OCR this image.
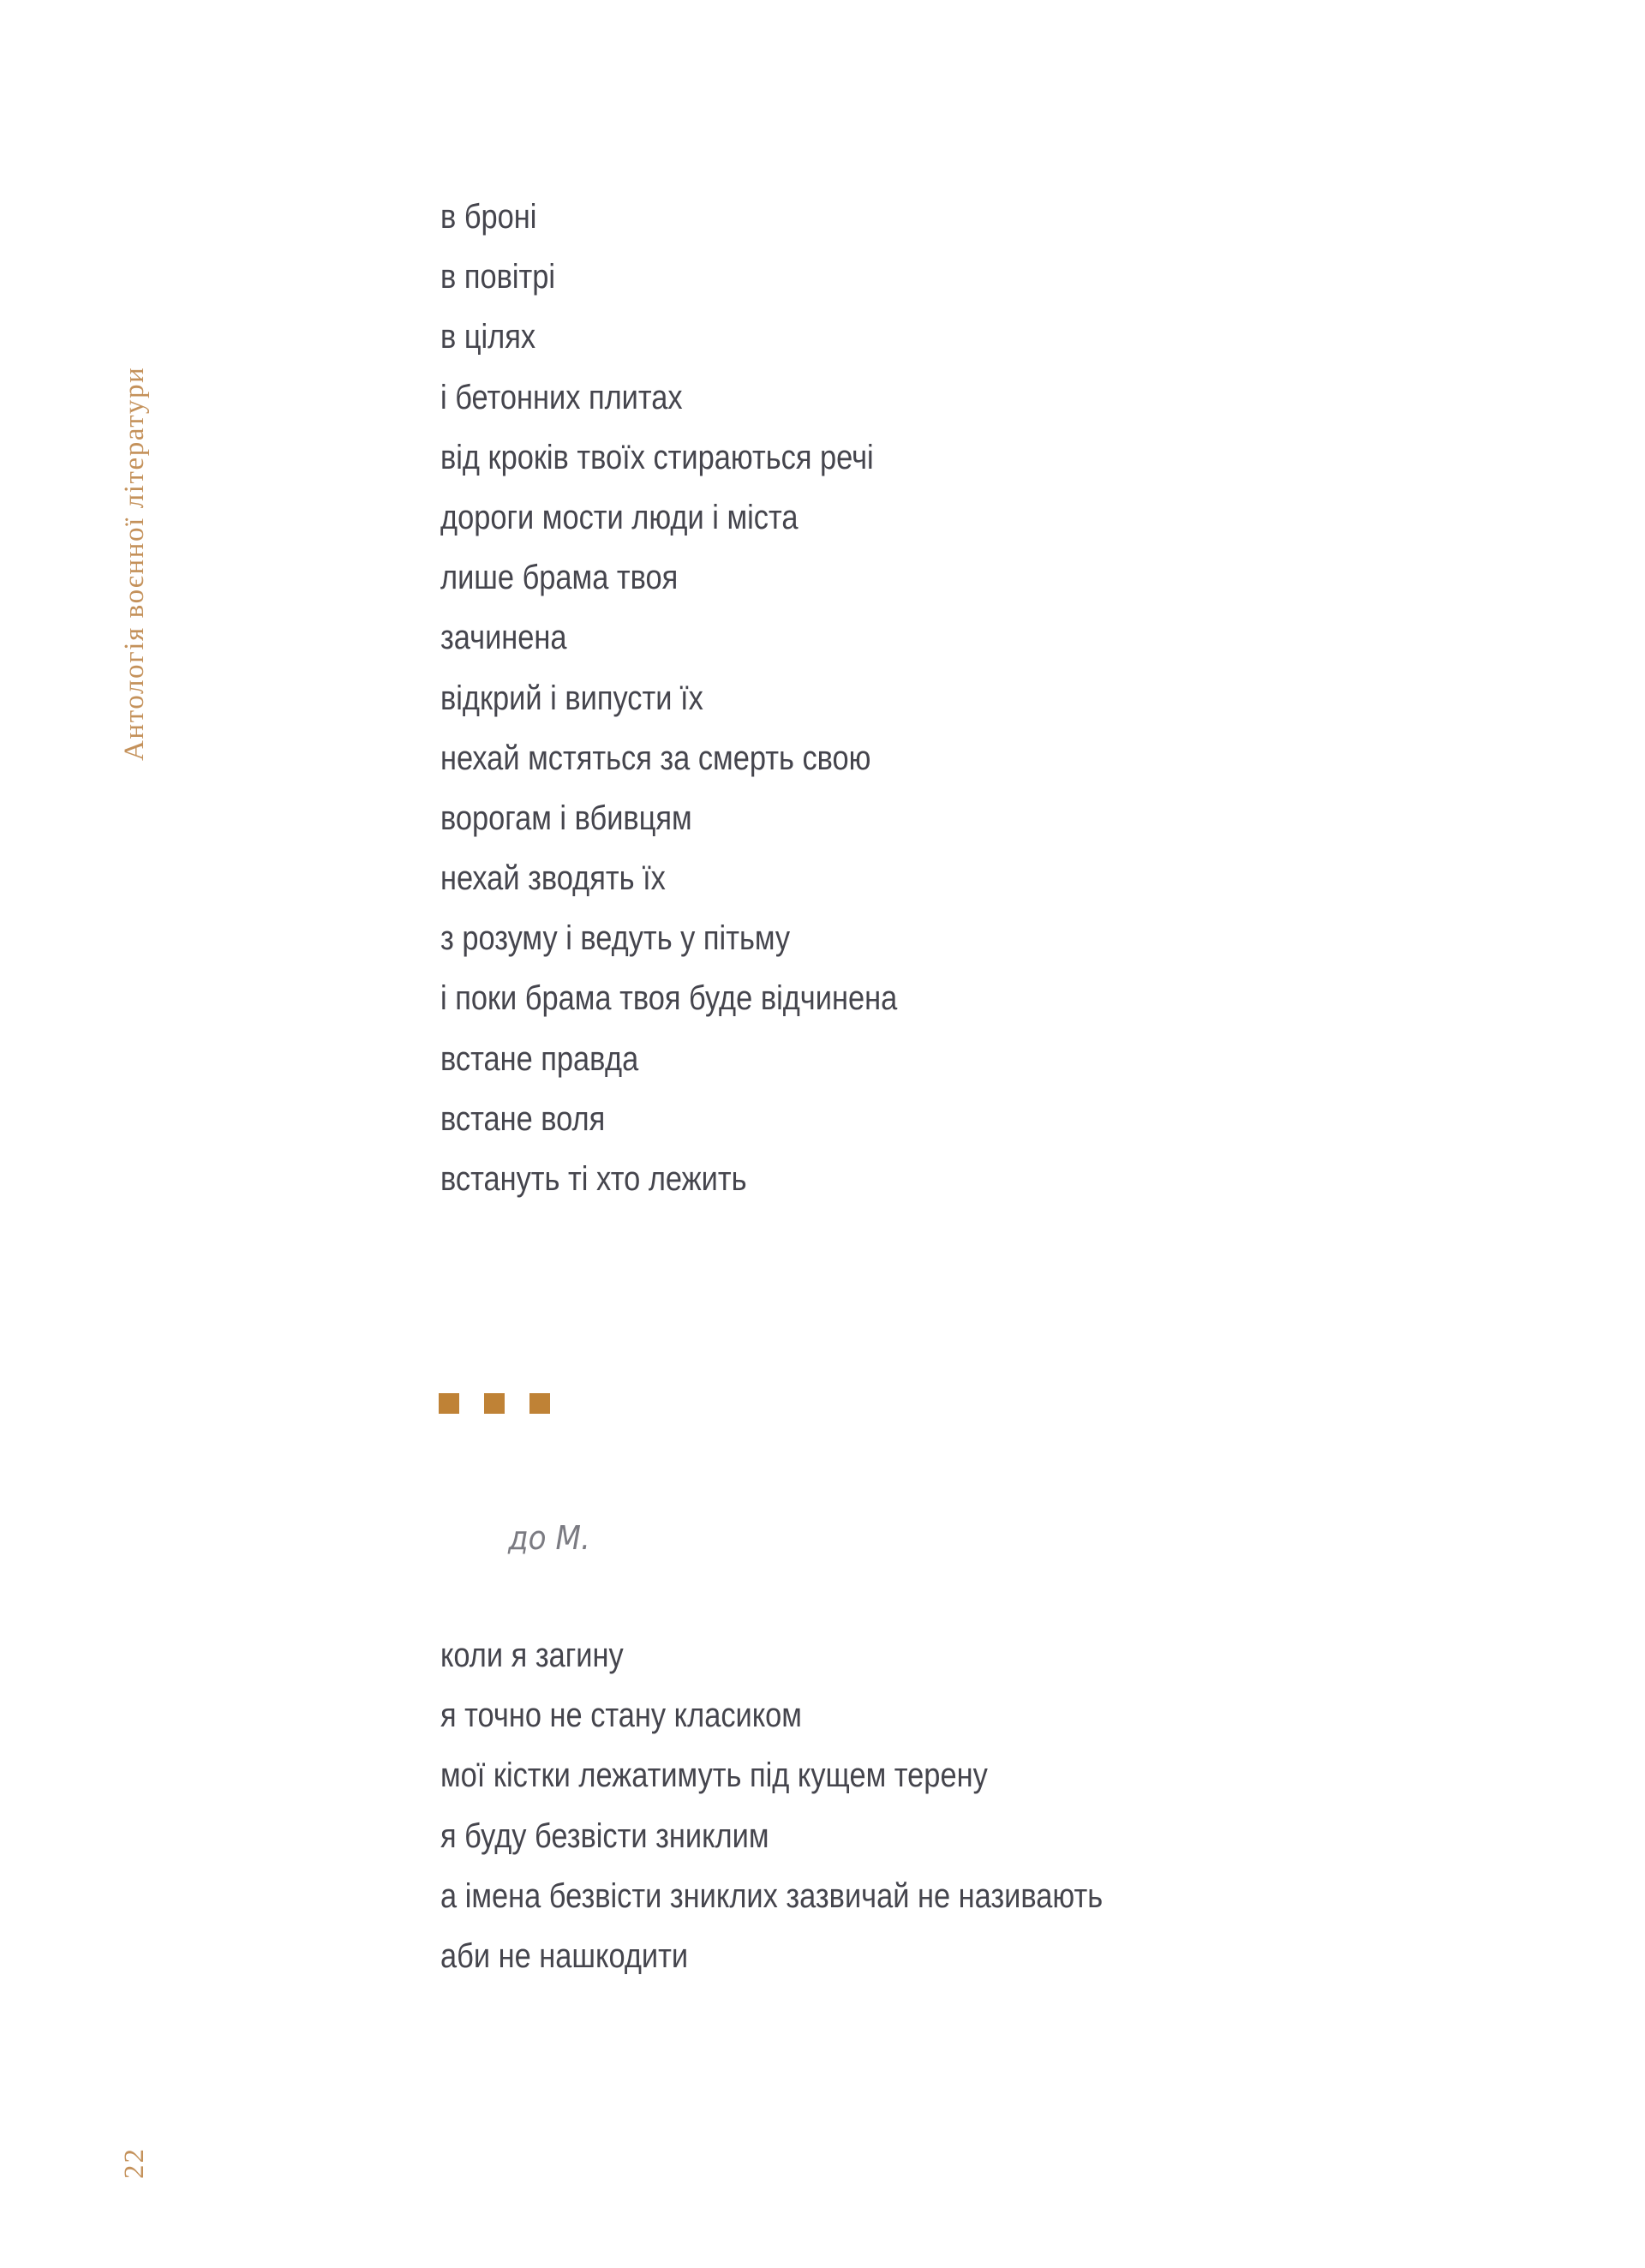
Антологія воєнної літератури
в броні
в повітрі
в цілях
і бетонних плитах
від кроків твоїх стираються речі
дороги мости люди і міста
лише брама твоя
зачинена
відкрий і випусти їх
нехай мстяться за смерть свою
ворогам і вбивцям
нехай зводять їх
з розуму і ведуть у пітьму
і поки брама твоя буде відчинена
встане правда
встане воля
встануть ті хто лежить
до М.
коли я загину
я точно не стану класиком
мої кістки лежатимуть під кущем терену
я буду безвісти зниклим
а імена безвісти зниклих зазвичай не називають
аби не нашкодити
22
